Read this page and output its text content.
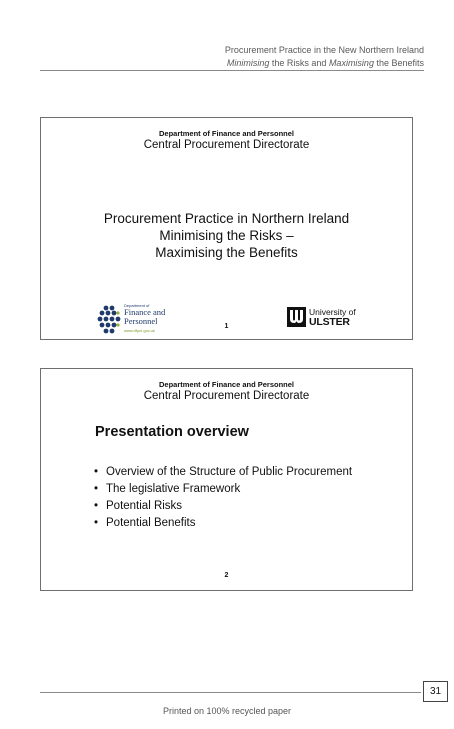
Procurement Practice in the New Northern Ireland
Minimising the Risks and Maximising the Benefits
Department of Finance and Personnel
Central Procurement Directorate
Procurement Practice in Northern Ireland
Minimising the Risks –
Maximising the Benefits
Department of
Finance and
Personnel
www.dfpni.gov.uk
1
University of
ULSTER
Department of Finance and Personnel
Central Procurement Directorate
Presentation overview
• Overview of the Structure of Public Procurement
• The legislative Framework
• Potential Risks
• Potential Benefits
2
31
Printed on 100% recycled paper
